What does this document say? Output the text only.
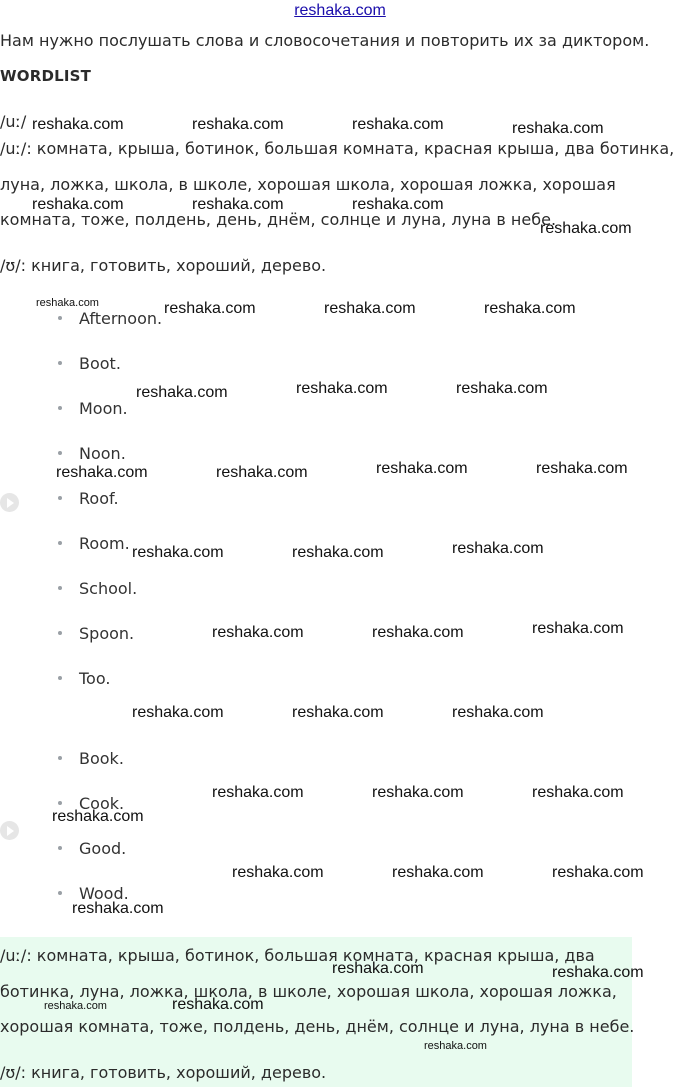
reshaka.com
Нам нужно послушать слова и словосочетания и повторить их за диктором.
WORDLIST
/uː/
/uː/: комната, крыша, ботинок, большая комната, красная крыша, два ботинка,
луна, ложка, школа, в школе, хорошая школа, хорошая ложка, хорошая
комната, тоже, полдень, день, днём, солнце и луна, луна в небе.
/ʊ/: книга, готовить, хороший, дерево.
Afternoon.
Boot.
Moon.
Noon.
Roof.
Room.
School.
Spoon.
Too.
Book.
Cook.
Good.
Wood.
/uː/: комната, крыша, ботинок, большая комната, красная крыша, два
ботинка, луна, ложка, школа, в школе, хорошая школа, хорошая ложка,
хорошая комната, тоже, полдень, день, днём, солнце и луна, луна в небе.
/ʊ/: книга, готовить, хороший, дерево.
reshaka.com	reshaka.com	reshaka.com	reshaka.com
reshaka.com	reshaka.com	reshaka.com
reshaka.com
reshaka.com	reshaka.com	reshaka.com	reshaka.com
reshaka.com	reshaka.com	reshaka.com
reshaka.com	reshaka.com	reshaka.com	reshaka.com
reshaka.com	reshaka.com	reshaka.com
reshaka.com	reshaka.com	reshaka.com
reshaka.com	reshaka.com	reshaka.com
reshaka.com	reshaka.com	reshaka.com
reshaka.com
reshaka.com	reshaka.com	reshaka.com
reshaka.com
reshaka.com	reshaka.com
reshaka.com	reshaka.com
reshaka.com
